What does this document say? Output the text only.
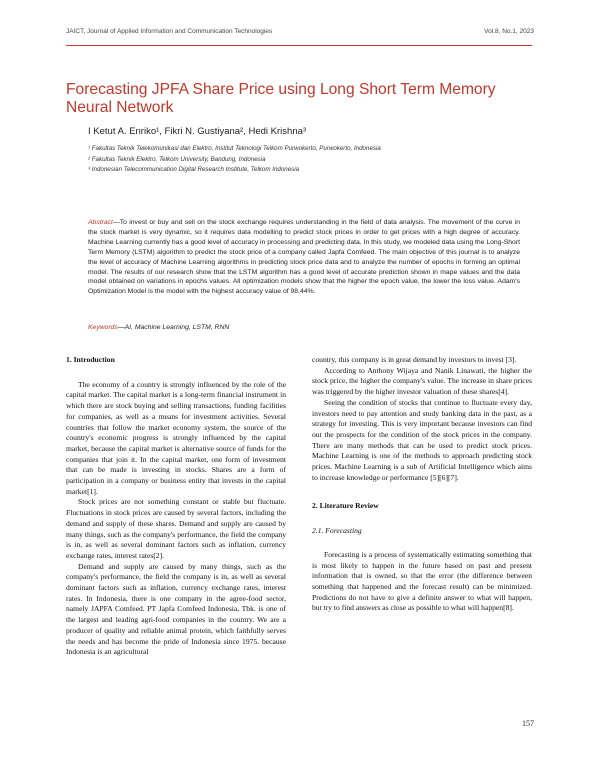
JAICT, Journal of Applied Information and Communication Technologies	Vol.8, No.1, 2023
Forecasting JPFA Share Price using Long Short Term Memory Neural Network
I Ketut A. Enriko¹, Fikri N. Gustiyana², Hedi Krishna³
¹ Fakultas Teknik Telekomunikasi dan Elektro, Institut Teknologi Telkom Purwokerto, Purwokerto, Indonesia
² Fakultas Teknik Elektro, Telkom University, Bandung, Indonesia
³ Indonesian Telecommunication Digital Research Institute, Telkom Indonesia

Abstract—To invest or buy and sell on the stock exchange requires understanding in the field of data analysis. The movement of the curve in the stock market is very dynamic, so it requires data modelling to predict stock prices in order to get prices with a high degree of accuracy. Machine Learning currently has a good level of accuracy in processing and predicting data. In this study, we modeled data using the Long-Short Term Memory (LSTM) algorithm to predict the stock price of a company called Japfa Comfeed. The main objective of this journal is to analyze the level of accuracy of Machine Learning algorithms in predicting stock price data and to analyze the number of epochs in forming an optimal model. The results of our research show that the LSTM algorithm has a good level of accurate prediction shown in mape values and the data model obtained on variations in epochs values. All optimization models show that the higher the epoch value, the lower the loss value. Adam's Optimization Model is the model with the highest accuracy value of 98.44%.

Keywords—AI, Machine Learning, LSTM, RNN

1. Introduction

The economy of a country is strongly influenced by the role of the capital market. The capital market is a long-term financial instrument in which there are stock buying and selling transactions, funding facilities for companies, as well as a means for investment activities. Several countries that follow the market economy system, the source of the country's economic progress is strongly influenced by the capital market, because the capital market is alternative source of funds for the companies that join it. In the capital market, one form of investment that can be made is investing in stocks. Shares are a form of participation in a company or business entity that invests in the capital market[1].

Stock prices are not something constant or stable but fluctuate. Fluctuations in stock prices are caused by several factors, including the demand and supply of these shares. Demand and supply are caused by many things, such as the company's performance, the field the company is in, as well as several dominant factors such as inflation, currency exchange rates, interest rates[2].

Demand and supply are caused by many things, such as the company's performance, the field the company is in, as well as several dominant factors such as inflation, currency exchange rates, interest rates. In Indonesia, there is one company in the agree-food sector, namely JAPFA Comfeed. PT Japfa Comfeed Indonesia, Tbk. is one of the largest and leading agri-food companies in the country. We are a producer of quality and reliable animal protein, which faithfully serves the needs and has become the pride of Indonesia since 1975. because Indonesia is an agricultural

country, this company is in great demand by investors to invest [3].

According to Anthony Wijaya and Nanik Linawati, the higher the stock price, the higher the company's value. The increase in share prices was triggered by the higher investor valuation of these shares[4].

Seeing the condition of stocks that continue to fluctuate every day, investors need to pay attention and study banking data in the past, as a strategy for investing. This is very important because investors can find out the prospects for the condition of the stock prices in the company. There are many methods that can be used to predict stock prices. Machine Learning is one of the methods to approach predicting stock prices. Machine Learning is a sub of Artificial Intelligence which aims to increase knowledge or performance [5][6][7].

2. Literature Review
2.1. Forecasting

Forecasting is a process of systematically estimating something that is most likely to happen in the future based on past and present information that is owned, so that the error (the difference between something that happened and the forecast result) can be minimized. Predictions do not have to give a definite answer to what will happen, but try to find answers as close as possible to what will happen[8].

157
